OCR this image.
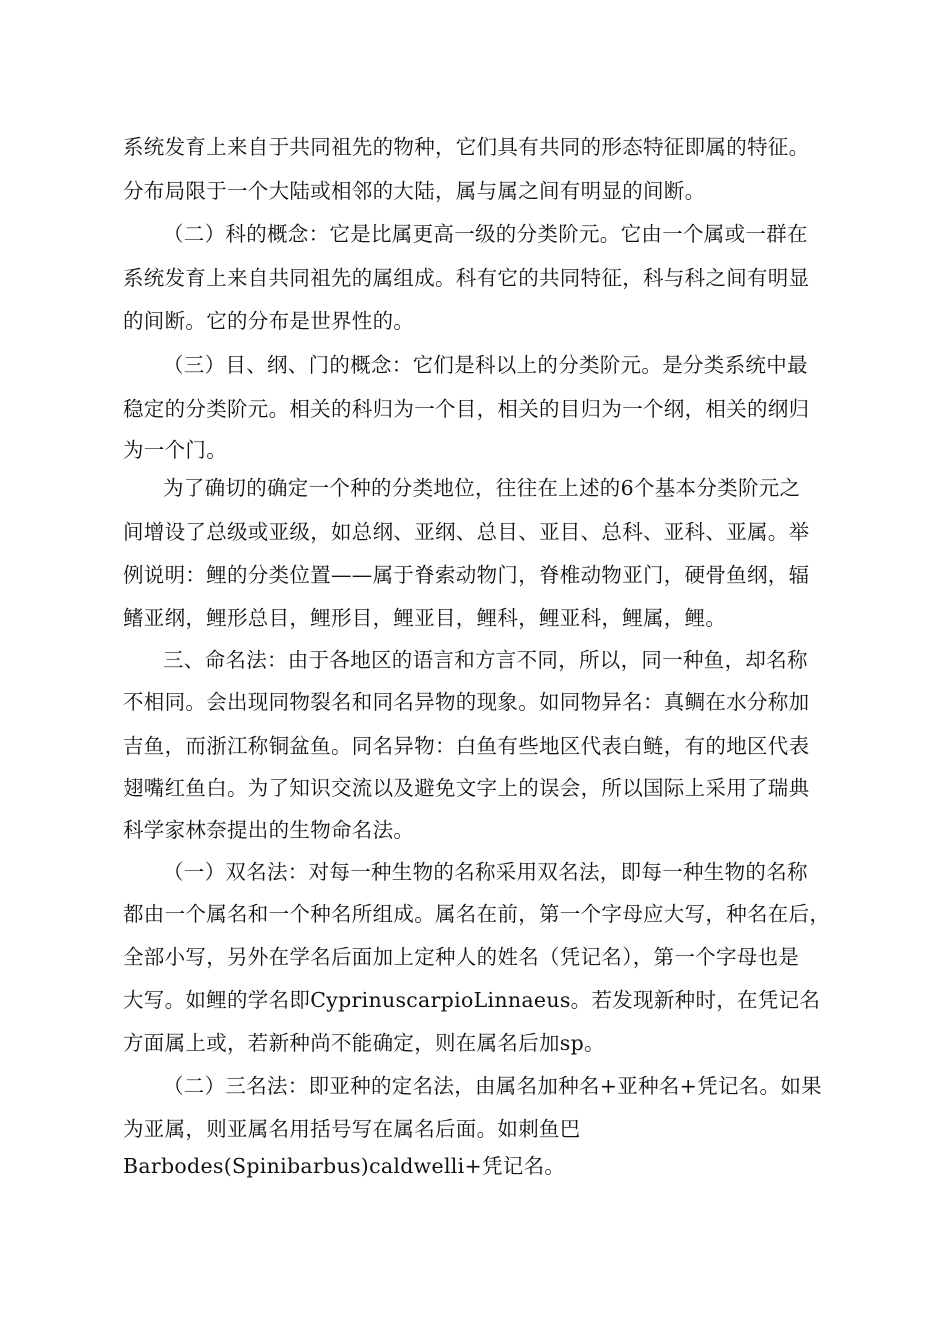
系统发育上来自于共同祖先的物种，它们具有共同的形态特征即属的特征。
分布局限于一个大陆或相邻的大陆，属与属之间有明显的间断。
（二）科的概念：它是比属更高一级的分类阶元。它由一个属或一群在
系统发育上来自共同祖先的属组成。科有它的共同特征，科与科之间有明显
的间断。它的分布是世界性的。
（三）目、纲、门的概念：它们是科以上的分类阶元。是分类系统中最
稳定的分类阶元。相关的科归为一个目，相关的目归为一个纲，相关的纲归
为一个门。
为了确切的确定一个种的分类地位，往往在上述的6个基本分类阶元之
间增设了总级或亚级，如总纲、亚纲、总目、亚目、总科、亚科、亚属。举
例说明：鲤的分类位置——属于脊索动物门，脊椎动物亚门，硬骨鱼纲，辐
鳍亚纲，鲤形总目，鲤形目，鲤亚目，鲤科，鲤亚科，鲤属，鲤。
三、命名法：由于各地区的语言和方言不同，所以，同一种鱼，却名称
不相同。会出现同物裂名和同名异物的现象。如同物异名：真鲷在水分称加
吉鱼，而浙江称铜盆鱼。同名异物：白鱼有些地区代表白鲢，有的地区代表
翅嘴红鱼白。为了知识交流以及避免文字上的误会，所以国际上采用了瑞典
科学家林奈提出的生物命名法。
（一）双名法：对每一种生物的名称采用双名法，即每一种生物的名称
都由一个属名和一个种名所组成。属名在前，第一个字母应大写，种名在后，
全部小写，另外在学名后面加上定种人的姓名（凭记名），第一个字母也是
大写。如鲤的学名即CyprinuscarpioLinnaeus。若发现新种时，在凭记名
方面属上或，若新种尚不能确定，则在属名后加sp。
（二）三名法：即亚种的定名法，由属名加种名+亚种名+凭记名。如果
为亚属，则亚属名用括号写在属名后面。如刺鱼巴
Barbodes(Spinibarbus)caldwelli+凭记名。
